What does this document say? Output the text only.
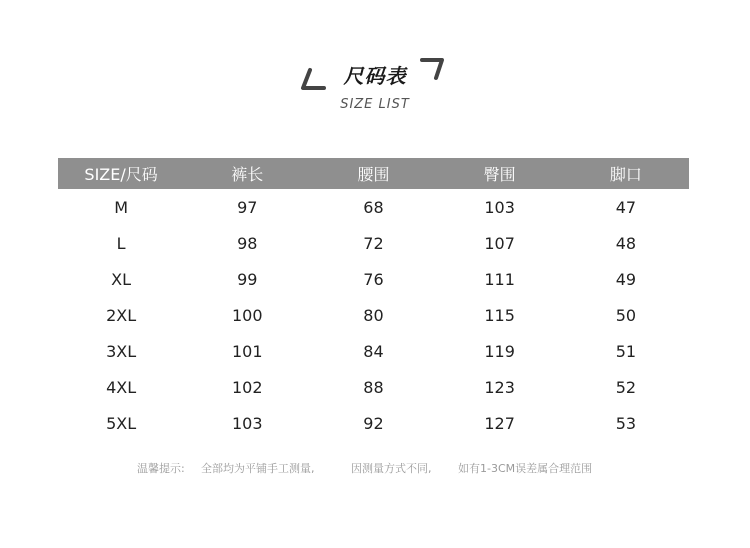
尺码表
SIZE LIST
SIZE/尺码	裤长	腰围	臀围	脚口
M	97	68	103	47
L	98	72	107	48
XL	99	76	111	49
2XL	100	80	115	50
3XL	101	84	119	51
4XL	102	88	123	52
5XL	103	92	127	53
温馨提示: 全部均为平铺手工测量,	因测量方式不同, 如有1-3CM误差属合理范围
